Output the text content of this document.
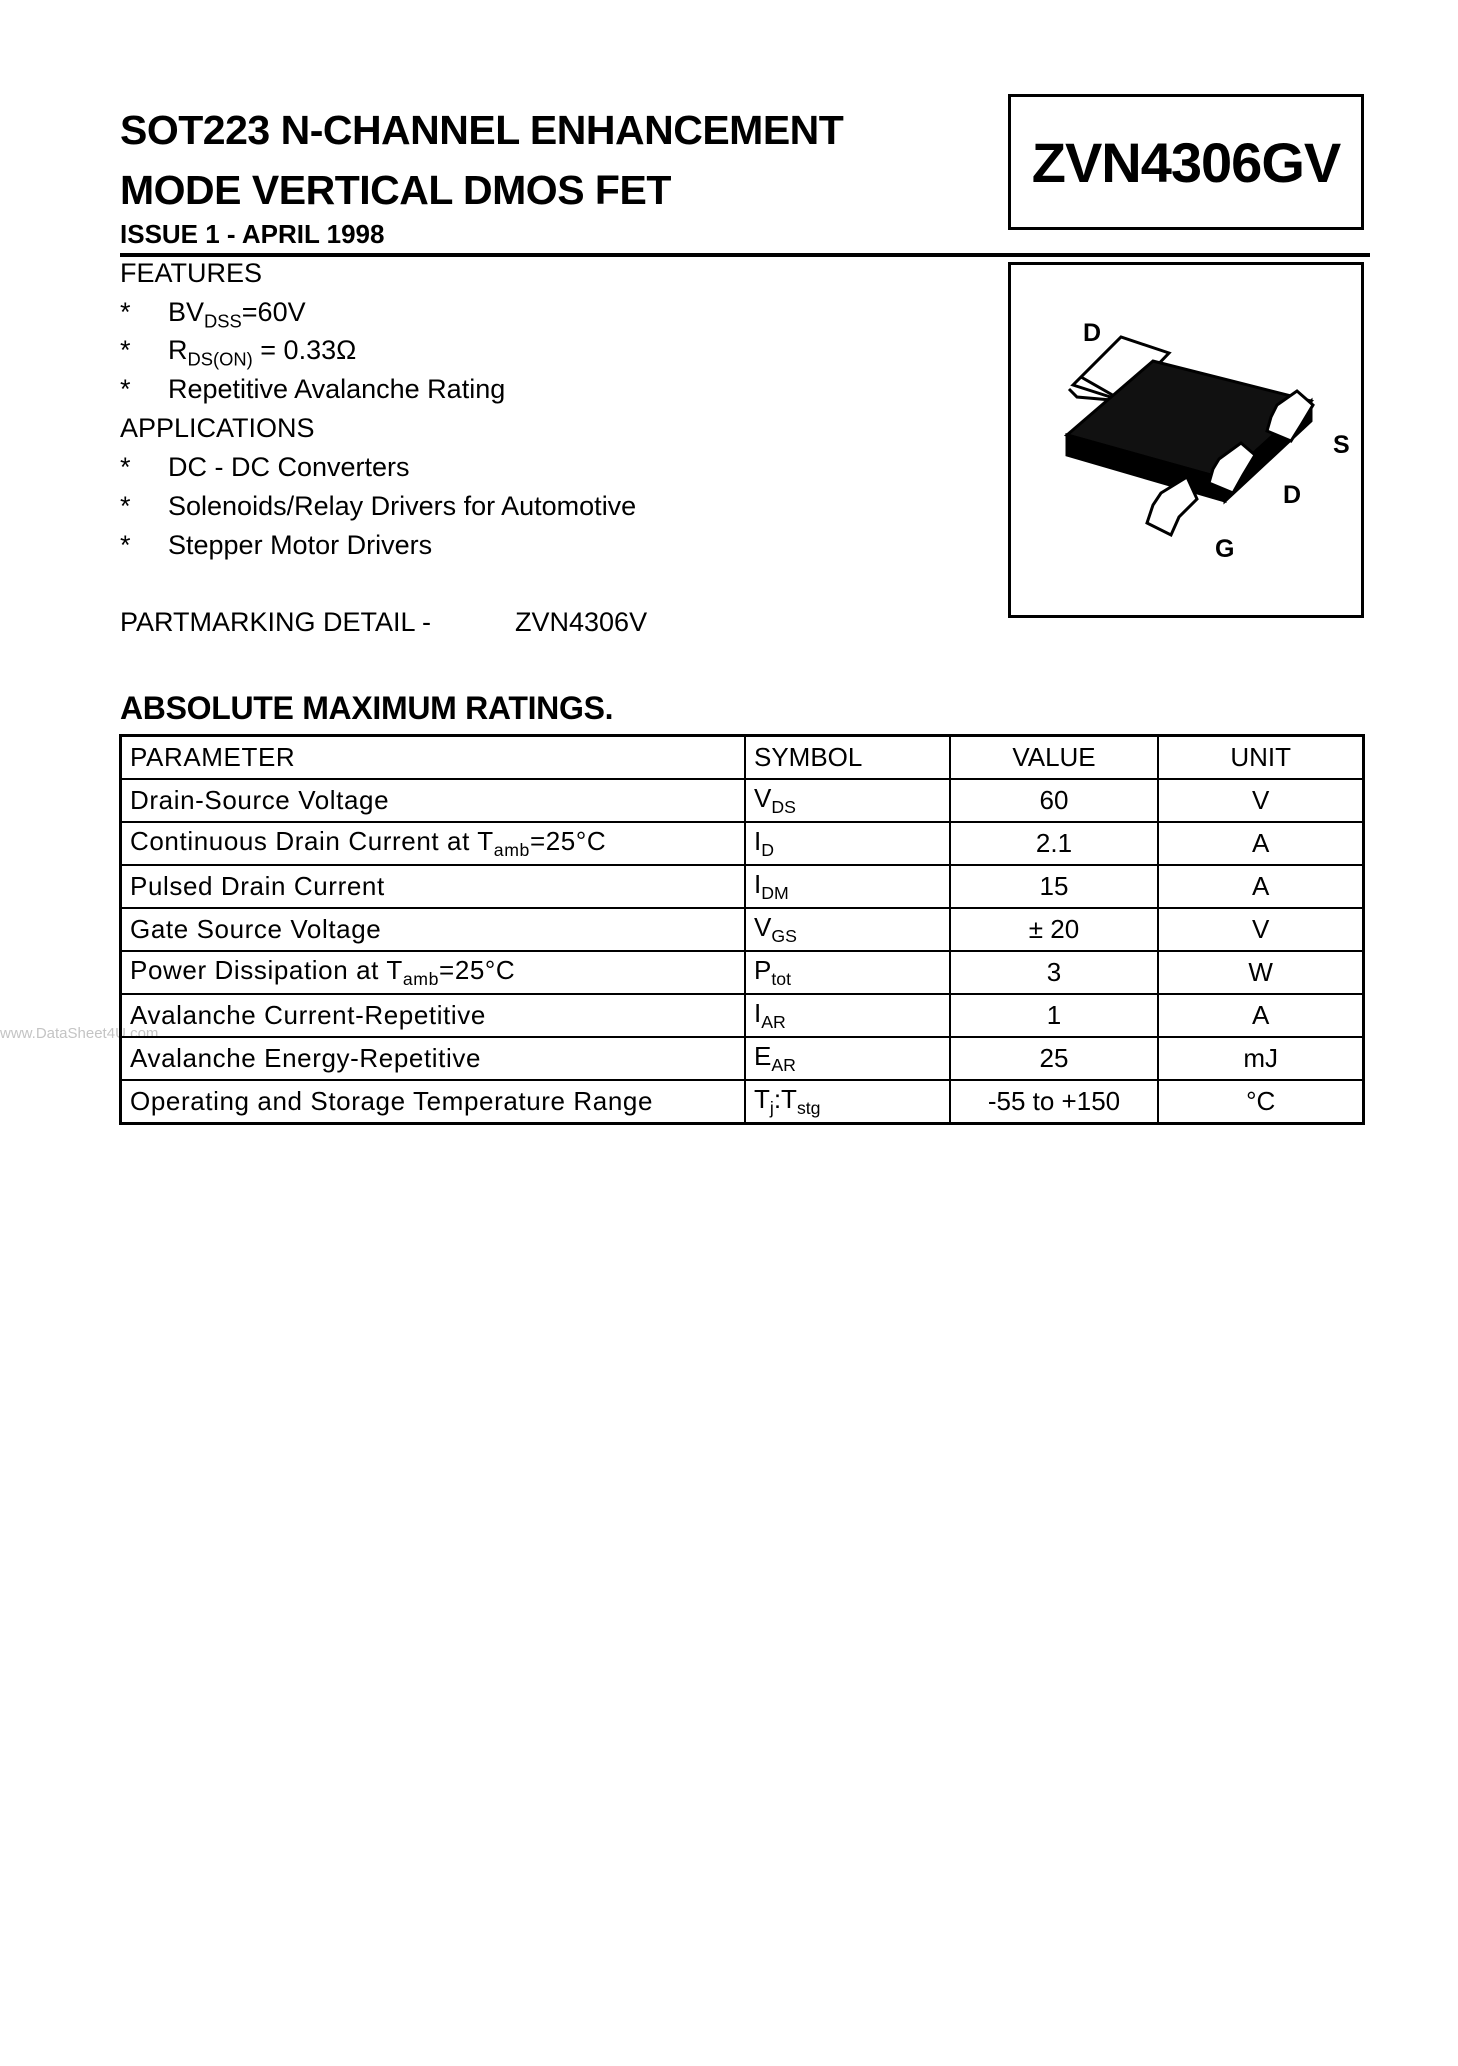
www.DataSheet4U.com
SOT223 N-CHANNEL ENHANCEMENT
MODE VERTICAL DMOS FET
ISSUE 1 - APRIL 1998
ZVN4306GV
D
G
D
S
FEATURES
* $BV_{DSS}=60V$
* $R_{DS(ON)} = 0.33\Omega$
* Repetitive Avalanche Rating
APPLICATIONS
* DC - DC Converters
* Solenoids/Relay Drivers for Automotive
* Stepper Motor Drivers
PARTMARKING DETAIL -	ZVN4306V
ABSOLUTE MAXIMUM RATINGS.
PARAMETER	SYMBOL	VALUE	UNIT
Drain-Source Voltage	$V_{DS}$	60	V
Continuous Drain Current at $T_{amb}=25^\circ C$	$I_D$	2.1	A
Pulsed Drain Current	$I_{DM}$	15	A
Gate Source Voltage	$V_{GS}$	± 20	V
Power Dissipation at $T_{amb}=25^\circ C$	$P_{tot}$	3	W
Avalanche Current-Repetitive	$I_{AR}$	1	A
Avalanche Energy-Repetitive	$E_{AR}$	25	mJ
Operating and Storage Temperature Range	$T_j:T_{stg}$	-55 to +150	°C
